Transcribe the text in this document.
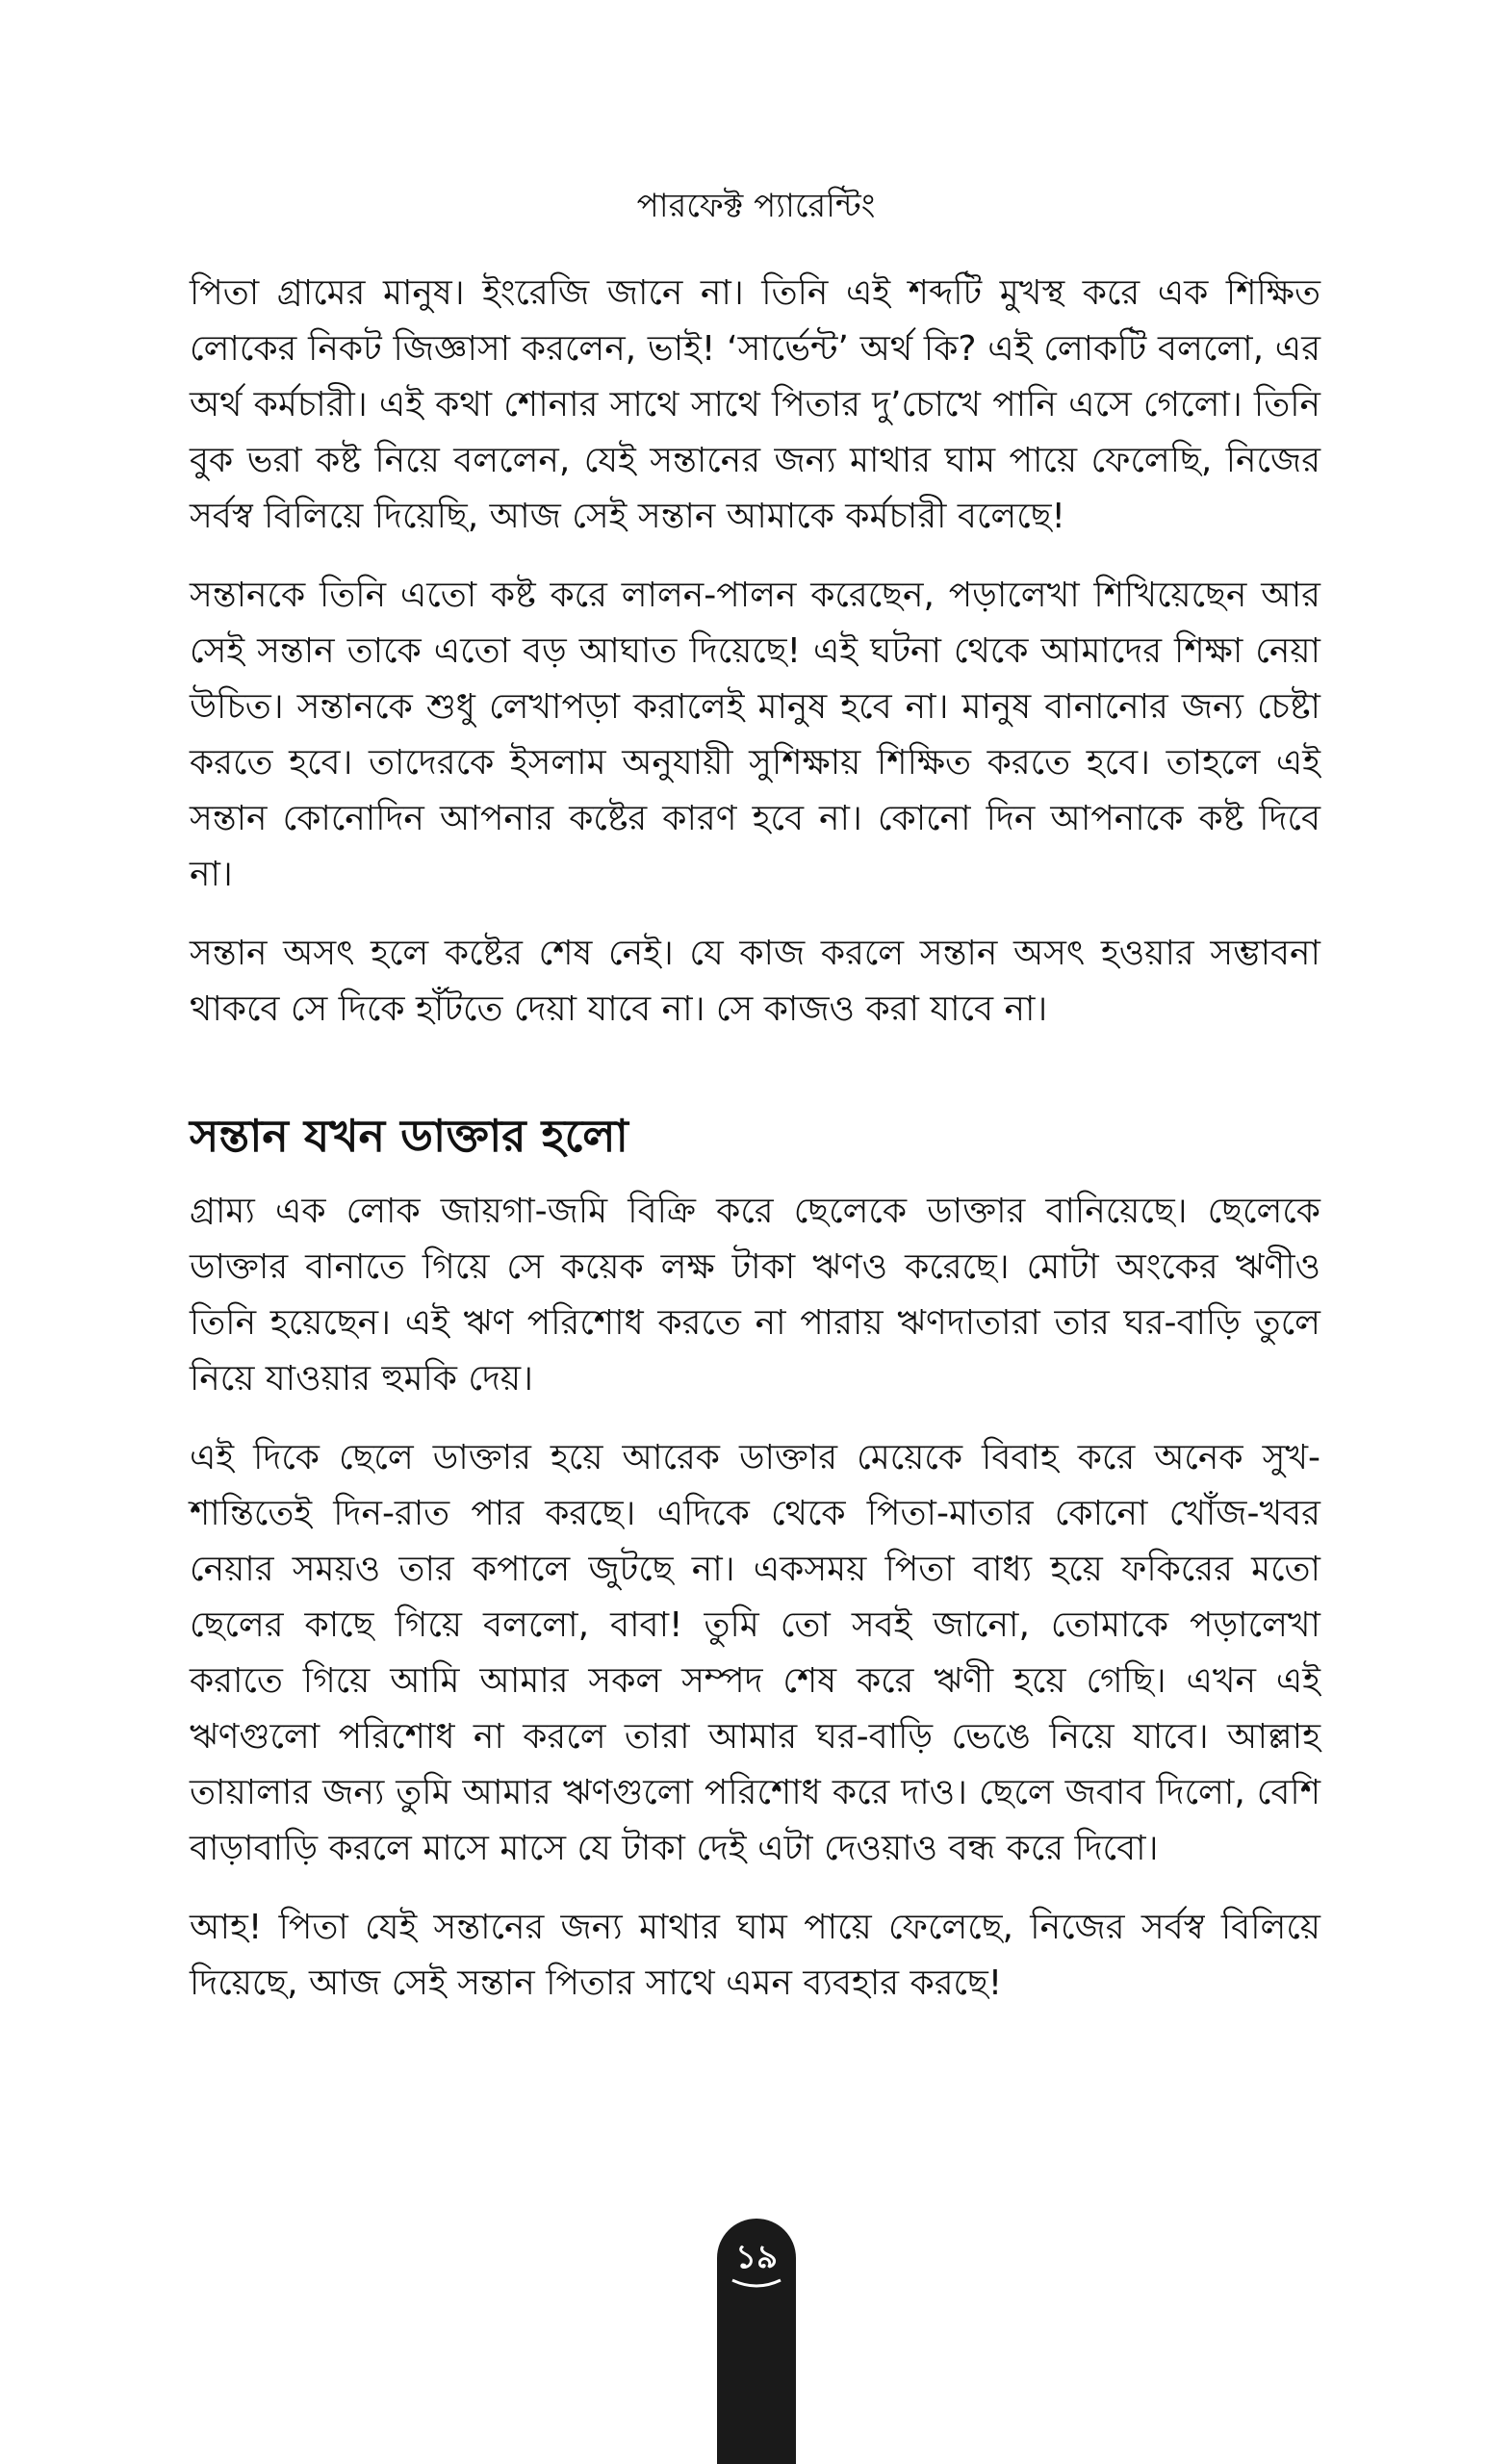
পারফেক্ট প্যারেন্টিং

পিতা গ্রামের মানুষ। ইংরেজি জানে না। তিনি এই শব্দটি মুখস্থ করে এক শিক্ষিত লোকের নিকট জিজ্ঞাসা করলেন, ভাই! ‘সার্ভেন্ট’ অর্থ কি? এই লোকটি বললো, এর অর্থ কর্মচারী। এই কথা শোনার সাথে সাথে পিতার দু’চোখে পানি এসে গেলো। তিনি বুক ভরা কষ্ট নিয়ে বললেন, যেই সন্তানের জন্য মাথার ঘাম পায়ে ফেলেছি, নিজের সর্বস্ব বিলিয়ে দিয়েছি, আজ সেই সন্তান আমাকে কর্মচারী বলেছে!

সন্তানকে তিনি এতো কষ্ট করে লালন-পালন করেছেন, পড়ালেখা শিখিয়েছেন আর সেই সন্তান তাকে এতো বড় আঘাত দিয়েছে! এই ঘটনা থেকে আমাদের শিক্ষা নেয়া উচিত। সন্তানকে শুধু লেখাপড়া করালেই মানুষ হবে না। মানুষ বানানোর জন্য চেষ্টা করতে হবে। তাদেরকে ইসলাম অনুযায়ী সুশিক্ষায় শিক্ষিত করতে হবে। তাহলে এই সন্তান কোনোদিন আপনার কষ্টের কারণ হবে না। কোনো দিন আপনাকে কষ্ট দিবে না।

সন্তান অসৎ হলে কষ্টের শেষ নেই। যে কাজ করলে সন্তান অসৎ হওয়ার সম্ভাবনা থাকবে সে দিকে হাঁটতে দেয়া যাবে না। সে কাজও করা যাবে না।

সন্তান যখন ডাক্তার হলো

গ্রাম্য এক লোক জায়গা-জমি বিক্রি করে ছেলেকে ডাক্তার বানিয়েছে। ছেলেকে ডাক্তার বানাতে গিয়ে সে কয়েক লক্ষ টাকা ঋণও করেছে। মোটা অংকের ঋণীও তিনি হয়েছেন। এই ঋণ পরিশোধ করতে না পারায় ঋণদাতারা তার ঘর-বাড়ি তুলে নিয়ে যাওয়ার হুমকি দেয়।

এই দিকে ছেলে ডাক্তার হয়ে আরেক ডাক্তার মেয়েকে বিবাহ করে অনেক সুখ-শান্তিতেই দিন-রাত পার করছে। এদিকে থেকে পিতা-মাতার কোনো খোঁজ-খবর নেয়ার সময়ও তার কপালে জুটছে না। একসময় পিতা বাধ্য হয়ে ফকিরের মতো ছেলের কাছে গিয়ে বললো, বাবা! তুমি তো সবই জানো, তোমাকে পড়ালেখা করাতে গিয়ে আমি আমার সকল সম্পদ শেষ করে ঋণী হয়ে গেছি। এখন এই ঋণগুলো পরিশোধ না করলে তারা আমার ঘর-বাড়ি ভেঙে নিয়ে যাবে। আল্লাহ তায়ালার জন্য তুমি আমার ঋণগুলো পরিশোধ করে দাও। ছেলে জবাব দিলো, বেশি বাড়াবাড়ি করলে মাসে মাসে যে টাকা দেই এটা দেওয়াও বন্ধ করে দিবো।

আহ! পিতা যেই সন্তানের জন্য মাথার ঘাম পায়ে ফেলেছে, নিজের সর্বস্ব বিলিয়ে দিয়েছে, আজ সেই সন্তান পিতার সাথে এমন ব্যবহার করছে!

১৯
